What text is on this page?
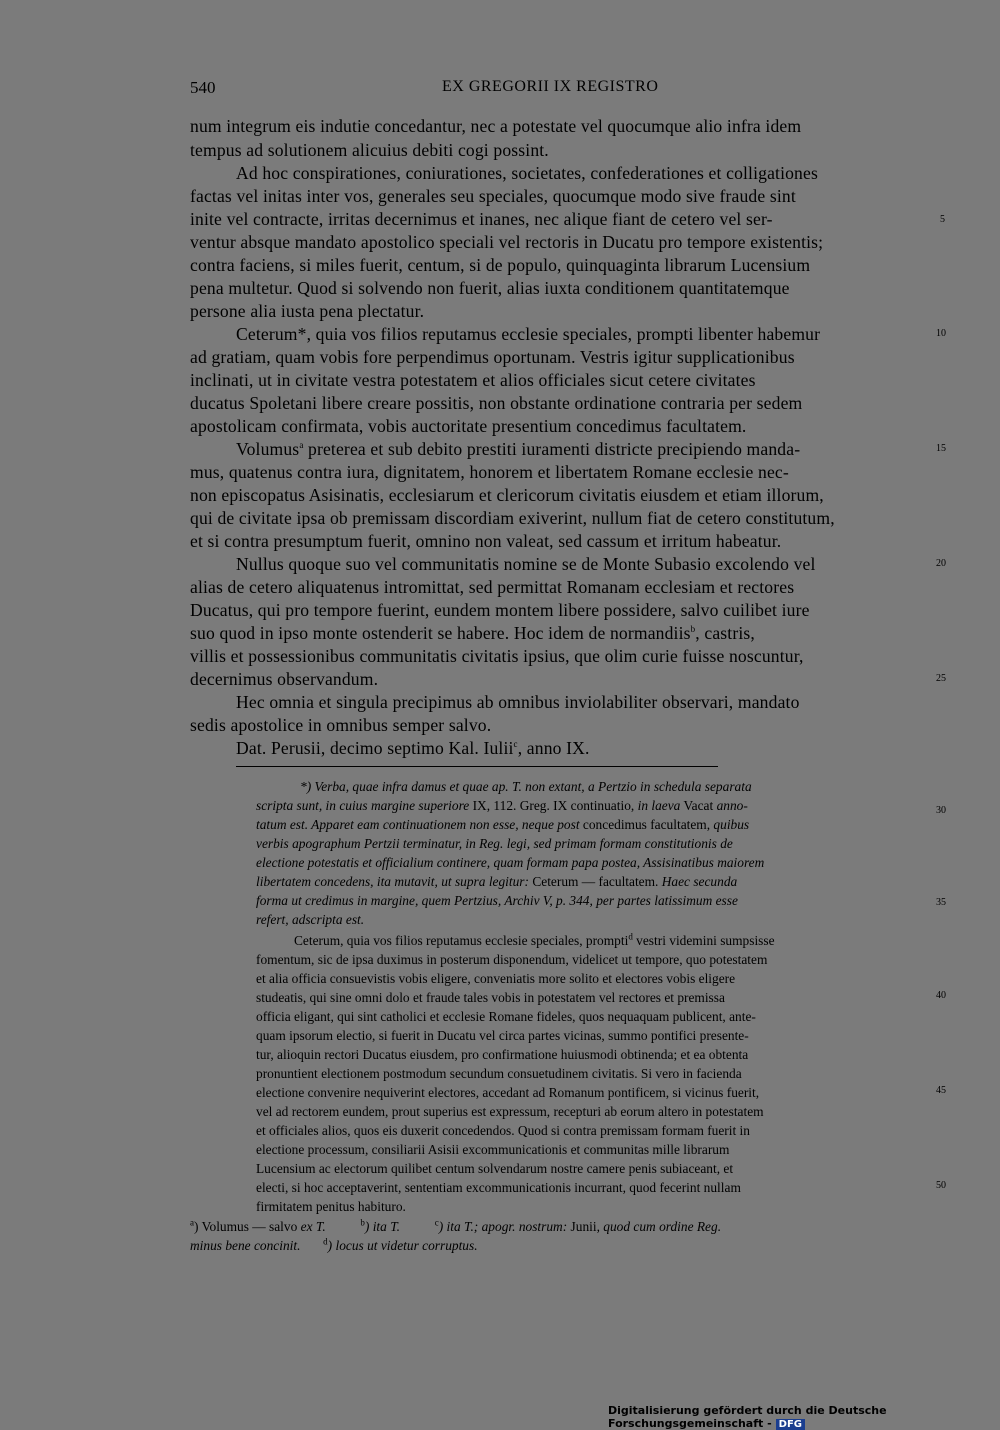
540	EX GREGORII IX REGISTRO
num integrum eis indutie concedantur, nec a potestate vel quocumque alio infra idem
tempus ad solutionem alicuius debiti cogi possint.
Ad hoc conspirationes, coniurationes, societates, confederationes et colligationes
factas vel initas inter vos, generales seu speciales, quocumque modo sive fraude sint
inite vel contracte, irritas decernimus et inanes, nec alique fiant de cetero vel ser-
ventur absque mandato apostolico speciali vel rectoris in Ducatu pro tempore existentis;
contra faciens, si miles fuerit, centum, si de populo, quinquaginta librarum Lucensium
pena multetur. Quod si solvendo non fuerit, alias iuxta conditionem quantitatemque
persone alia iusta pena plectatur.
Ceterum*, quia vos filios reputamus ecclesie speciales, prompti libenter habemur
ad gratiam, quam vobis fore perpendimus oportunam. Vestris igitur supplicationibus
inclinati, ut in civitate vestra potestatem et alios officiales sicut cetere civitates
ducatus Spoletani libere creare possitis, non obstante ordinatione contraria per sedem
apostolicam confirmata, vobis auctoritate presentium concedimus facultatem.
Volumus$^a$ preterea et sub debito prestiti iuramenti districte precipiendo manda-
mus, quatenus contra iura, dignitatem, honorem et libertatem Romane ecclesie nec-
non episcopatus Asisinatis, ecclesiarum et clericorum civitatis eiusdem et etiam illorum,
qui de civitate ipsa ob premissam discordiam exiverint, nullum fiat de cetero constitutum,
et si contra presumptum fuerit, omnino non valeat, sed cassum et irritum habeatur.
Nullus quoque suo vel communitatis nomine se de Monte Subasio excolendo vel
alias de cetero aliquatenus intromittat, sed permittat Romanam ecclesiam et rectores
Ducatus, qui pro tempore fuerint, eundem montem libere possidere, salvo cuilibet iure
suo quod in ipso monte ostenderit se habere. Hoc idem de normandiis$^b$, castris,
villis et possessionibus communitatis civitatis ipsius, que olim curie fuisse noscuntur,
decernimus observandum.
Hec omnia et singula precipimus ab omnibus inviolabiliter observari, mandato
sedis apostolice in omnibus semper salvo.
Dat. Perusii, decimo septimo Kal. Iulii$^c$, anno IX.
5
10
15
20
25
30
35
40
45
50
*) Verba, quae infra damus et quae ap. T. non extant, a Pertzio in schedula separata
scripta sunt, in cuius margine superiore IX, 112. Greg. IX continuatio, in laeva Vacat anno-
tatum est. Apparet eam continuationem non esse, neque post concedimus facultatem, quibus
verbis apographum Pertzii terminatur, in Reg. legi, sed primam formam constitutionis de
electione potestatis et officialium continere, quam formam papa postea, Assisinatibus maiorem
libertatem concedens, ita mutavit, ut supra legitur: Ceterum — facultatem. Haec secunda
forma ut credimus in margine, quem Pertzius, Archiv V, p. 344, per partes latissimum esse
refert, adscripta est.
Ceterum, quia vos filios reputamus ecclesie speciales, prompti$^d$ vestri videmini sumpsisse
fomentum, sic de ipsa duximus in posterum disponendum, videlicet ut tempore, quo potestatem
et alia officia consuevistis vobis eligere, conveniatis more solito et electores vobis eligere
studeatis, qui sine omni dolo et fraude tales vobis in potestatem vel rectores et premissa
officia eligant, qui sint catholici et ecclesie Romane fideles, quos nequaquam publicent, ante-
quam ipsorum electio, si fuerit in Ducatu vel circa partes vicinas, summo pontifici presente-
tur, alioquin rectori Ducatus eiusdem, pro confirmatione huiusmodi obtinenda; et ea obtenta
pronuntient electionem postmodum secundum consuetudinem civitatis. Si vero in facienda
electione convenire nequiverint electores, accedant ad Romanum pontificem, si vicinus fuerit,
vel ad rectorem eundem, prout superius est expressum, recepturi ab eorum altero in potestatem
et officiales alios, quos eis duxerit concedendos. Quod si contra premissam formam fuerit in
electione processum, consiliarii Asisii excommunicationis et communitas mille librarum
Lucensium ac electorum quilibet centum solvendarum nostre camere penis subiaceant, et
electi, si hoc acceptaverint, sententiam excommunicationis incurrant, quod fecerint nullam
firmitatem penitus habituro.
$^a$) Volumus — salvo ex T.	$^b$) ita T.	$^c$) ita T.; apogr. nostrum: Junii, quod cum ordine Reg.
minus bene concinit.	$^d$) locus ut videtur corruptus.
Digitalisierung gefördert durch die Deutsche Forschungsgemeinschaft - DFG
